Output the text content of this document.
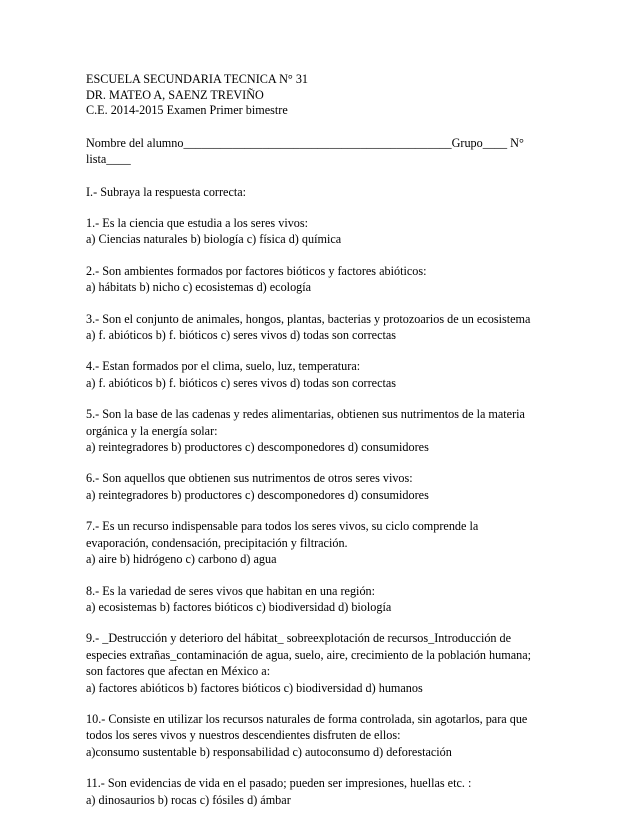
ESCUELA SECUNDARIA TECNICA N° 31
DR. MATEO A, SAENZ TREVIÑO
C.E. 2014-2015 Examen Primer bimestre
Nombre del alumno____________________________________________Grupo____ N°
lista____
I.- Subraya la respuesta correcta:
1.- Es la ciencia que estudia a los seres vivos:
a) Ciencias naturales b) biología c) física d) química
2.- Son ambientes formados por factores bióticos y factores abióticos:
a) hábitats b) nicho c) ecosistemas d) ecología
3.- Son el conjunto de animales, hongos, plantas, bacterias y protozoarios de un ecosistema
a) f. abióticos b) f. bióticos c) seres vivos d) todas son correctas
4.- Estan formados por el clima, suelo, luz, temperatura:
a) f. abióticos b) f. bióticos c) seres vivos d) todas son correctas
5.- Son la base de las cadenas y redes alimentarias, obtienen sus nutrimentos de la materia
orgánica y la energía solar:
a) reintegradores b) productores c) descomponedores d) consumidores
6.- Son aquellos que obtienen sus nutrimentos de otros seres vivos:
a) reintegradores b) productores c) descomponedores d) consumidores
7.- Es un recurso indispensable para todos los seres vivos, su ciclo comprende la
evaporación, condensación, precipitación y filtración.
a) aire b) hidrógeno c) carbono d) agua
8.- Es la variedad de seres vivos que habitan en una región:
a) ecosistemas b) factores bióticos c) biodiversidad d) biología
9.- _Destrucción y deterioro del hábitat_ sobreexplotación de recursos_Introducción de
especies extrañas_contaminación de agua, suelo, aire, crecimiento de la población humana;
son factores que afectan en México a:
a) factores abióticos b) factores bióticos c) biodiversidad d) humanos
10.- Consiste en utilizar los recursos naturales de forma controlada, sin agotarlos, para que
todos los seres vivos y nuestros descendientes disfruten de ellos:
a)consumo sustentable b) responsabilidad c) autoconsumo d) deforestación
11.- Son evidencias de vida en el pasado; pueden ser impresiones, huellas etc. :
a) dinosaurios b) rocas c) fósiles d) ámbar
